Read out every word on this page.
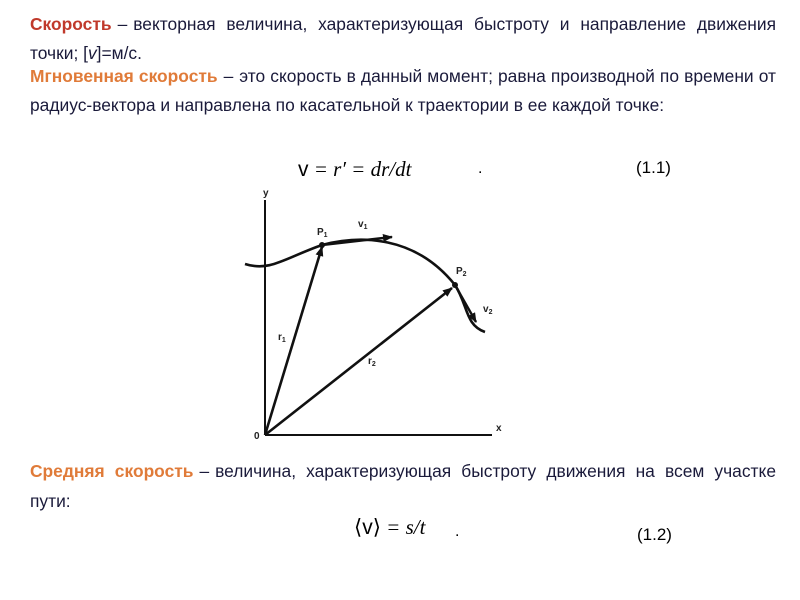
Скорость – векторная величина, характеризующая быстроту и направление движения точки; [v]=м/с.
Мгновенная скорость – это скорость в данный момент; равна производной по времени от радиус-вектора и направлена по касательной к траектории в ее каждой точке:
v = r′ = dr/dt	.	(1.1)
y
x
0
$P_1$
$v_1$
$P_2$
$v_2$
$r_1$
$r_2$
Средняя скорость – величина, характеризующая быстроту движения на всем участке пути:
⟨v⟩ = s/t .	(1.2)
